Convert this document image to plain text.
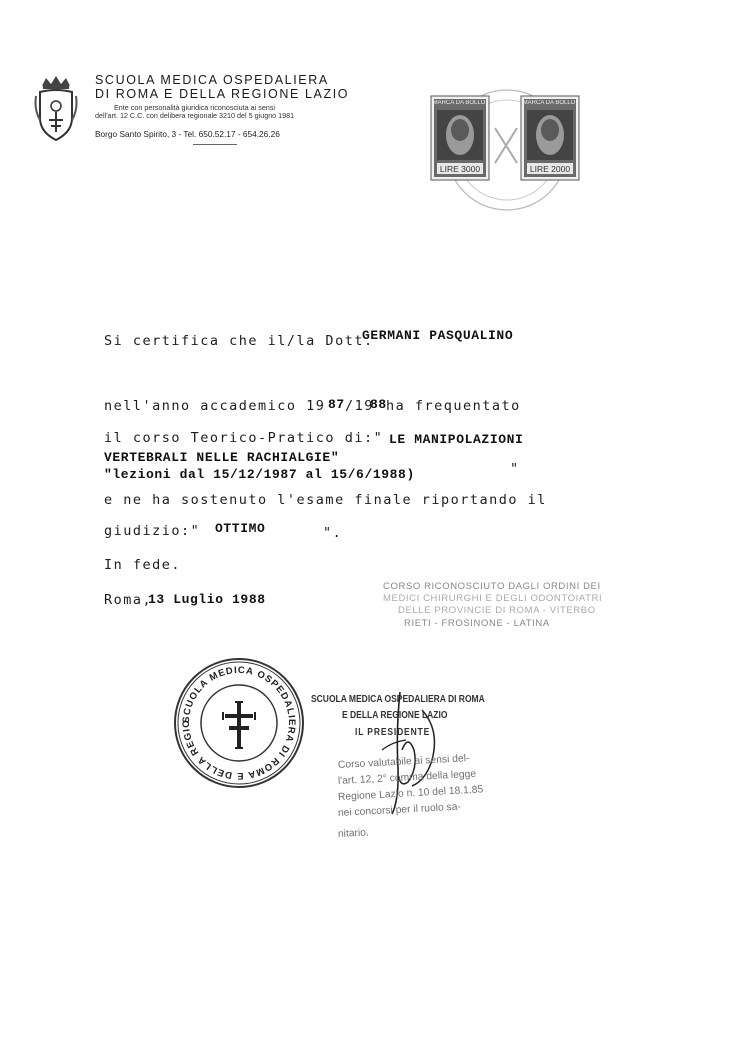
SCUOLA MEDICA OSPEDALIERA
DI ROMA E DELLA REGIONE LAZIO
Ente con personalità giuridica riconosciuta ai sensi
dell'art. 12 C.C. con delibera regionale 3210 del 5 giugno 1981
Borgo Santo Spirito, 3 - Tel. 650.52.17 - 654.26.26
MARCA DA BOLLO
LIRE 3000
MARCA DA BOLLO
LIRE 2000
Si certifica che il/la Dott.
GERMANI PASQUALINO
nell'anno accademico 19 87 /19
88 ha frequentato
il corso Teorico-Pratico di:" LE MANIPOLAZIONI
VERTEBRALI NELLE RACHIALGIE"
"lezioni dal 15/12/1987 al 15/6/1988)	"
e ne ha sostenuto l'esame finale riportando il
giudizio:" OTTIMO	".
In fede.
Roma,
13 Luglio 1988
CORSO RICONOSCIUTO DAGLI ORDINI DEI
MEDICI CHIRURGHI E DEGLI ODONTOIATRI
DELLE PROVINCIE DI ROMA - VITERBO
RIETI - FROSINONE - LATINA
SCUOLA MEDICA OSPEDALIERA DI ROMA E DELLA REGIO
SCUOLA MEDICA OSPEDALIERA DI ROMA
E DELLA REGIONE LAZIO
IL PRESIDENTE
Corso valutabile ai sensi del-
l'art. 12, 2° comma della legge
Regione Lazio n. 10 del 18.1.85
nei concorsi per il ruolo sa-
nitario.
